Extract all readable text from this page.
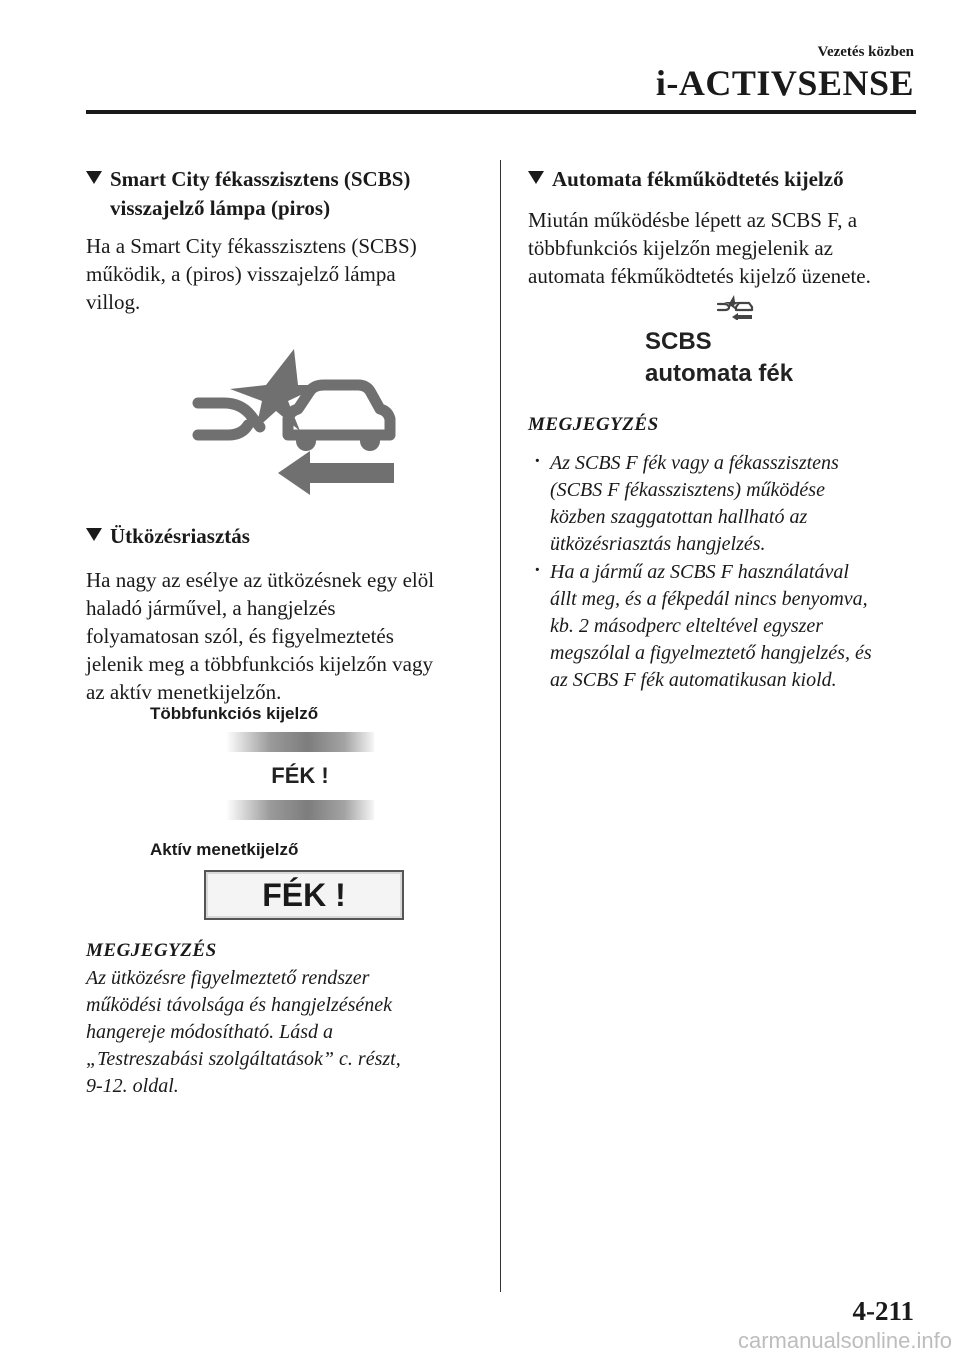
Vezetés közben
i-ACTIVSENSE
Smart City fékasszisztens (SCBS)
visszajelző lámpa (piros)
Ha a Smart City fékasszisztens (SCBS)
működik, a (piros) visszajelző lámpa
villog.
Ütközésriasztás
Ha nagy az esélye az ütközésnek egy elöl
haladó járművel, a hangjelzés
folyamatosan szól, és figyelmeztetés
jelenik meg a többfunkciós kijelzőn vagy
az aktív menetkijelzőn.
Többfunkciós kijelző
FÉK !
Aktív menetkijelző
FÉK !
MEGJEGYZÉS
Az ütközésre figyelmeztető rendszer
működési távolsága és hangjelzésének
hangereje módosítható. Lásd a
„Testreszabási szolgáltatások” c. részt,
9-12. oldal.
Automata fékműködtetés kijelző
Miután működésbe lépett az SCBS F, a
többfunkciós kijelzőn megjelenik az
automata fékműködtetés kijelző üzenete.
SCBS
automata fék
MEGJEGYZÉS
· Az SCBS F fék vagy a fékasszisztens
(SCBS F fékasszisztens) működése
közben szaggatottan hallható az
ütközésriasztás hangjelzés.
· Ha a jármű az SCBS F használatával
állt meg, és a fékpedál nincs benyomva,
kb. 2 másodperc elteltével egyszer
megszólal a figyelmeztető hangjelzés, és
az SCBS F fék automatikusan kiold.
4-211
carmanualsonline.info
